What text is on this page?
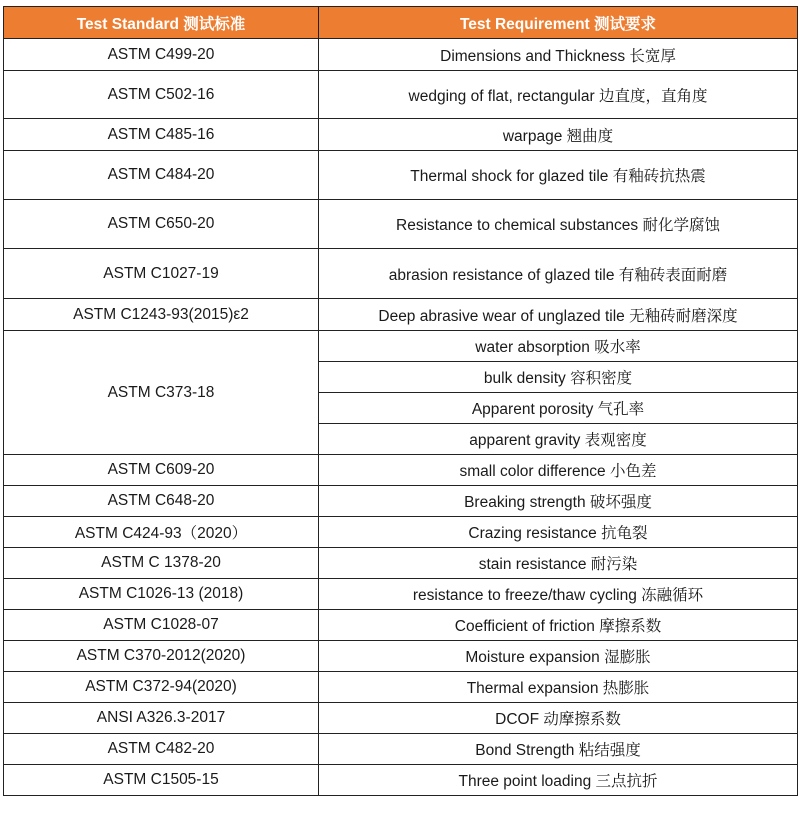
Test Standard 测试标准	Test Requirement 测试要求
ASTM C499-20	Dimensions and Thickness 长宽厚
ASTM C502-16	wedging of flat, rectangular 边直度，直角度
ASTM C485-16	warpage 翘曲度
ASTM C484-20	Thermal shock for glazed tile 有釉砖抗热震
ASTM C650-20	Resistance to chemical substances 耐化学腐蚀
ASTM C1027-19	abrasion resistance of glazed tile 有釉砖表面耐磨
ASTM C1243-93(2015)ε2	Deep abrasive wear of unglazed tile 无釉砖耐磨深度
ASTM C373-18	water absorption 吸水率
	bulk density 容积密度
	Apparent porosity 气孔率
	apparent gravity 表观密度
ASTM C609-20	small color difference 小色差
ASTM C648-20	Breaking strength 破坏强度
ASTM C424-93（2020）	Crazing resistance 抗龟裂
ASTM C 1378-20	stain resistance 耐污染
ASTM C1026-13 (2018)	resistance to freeze/thaw cycling 冻融循环
ASTM C1028-07	Coefficient of friction 摩擦系数
ASTM C370-2012(2020)	Moisture expansion 湿膨胀
ASTM C372-94(2020)	Thermal expansion 热膨胀
ANSI A326.3-2017	DCOF 动摩擦系数
ASTM C482-20	Bond Strength 粘结强度
ASTM C1505-15	Three point loading 三点抗折
